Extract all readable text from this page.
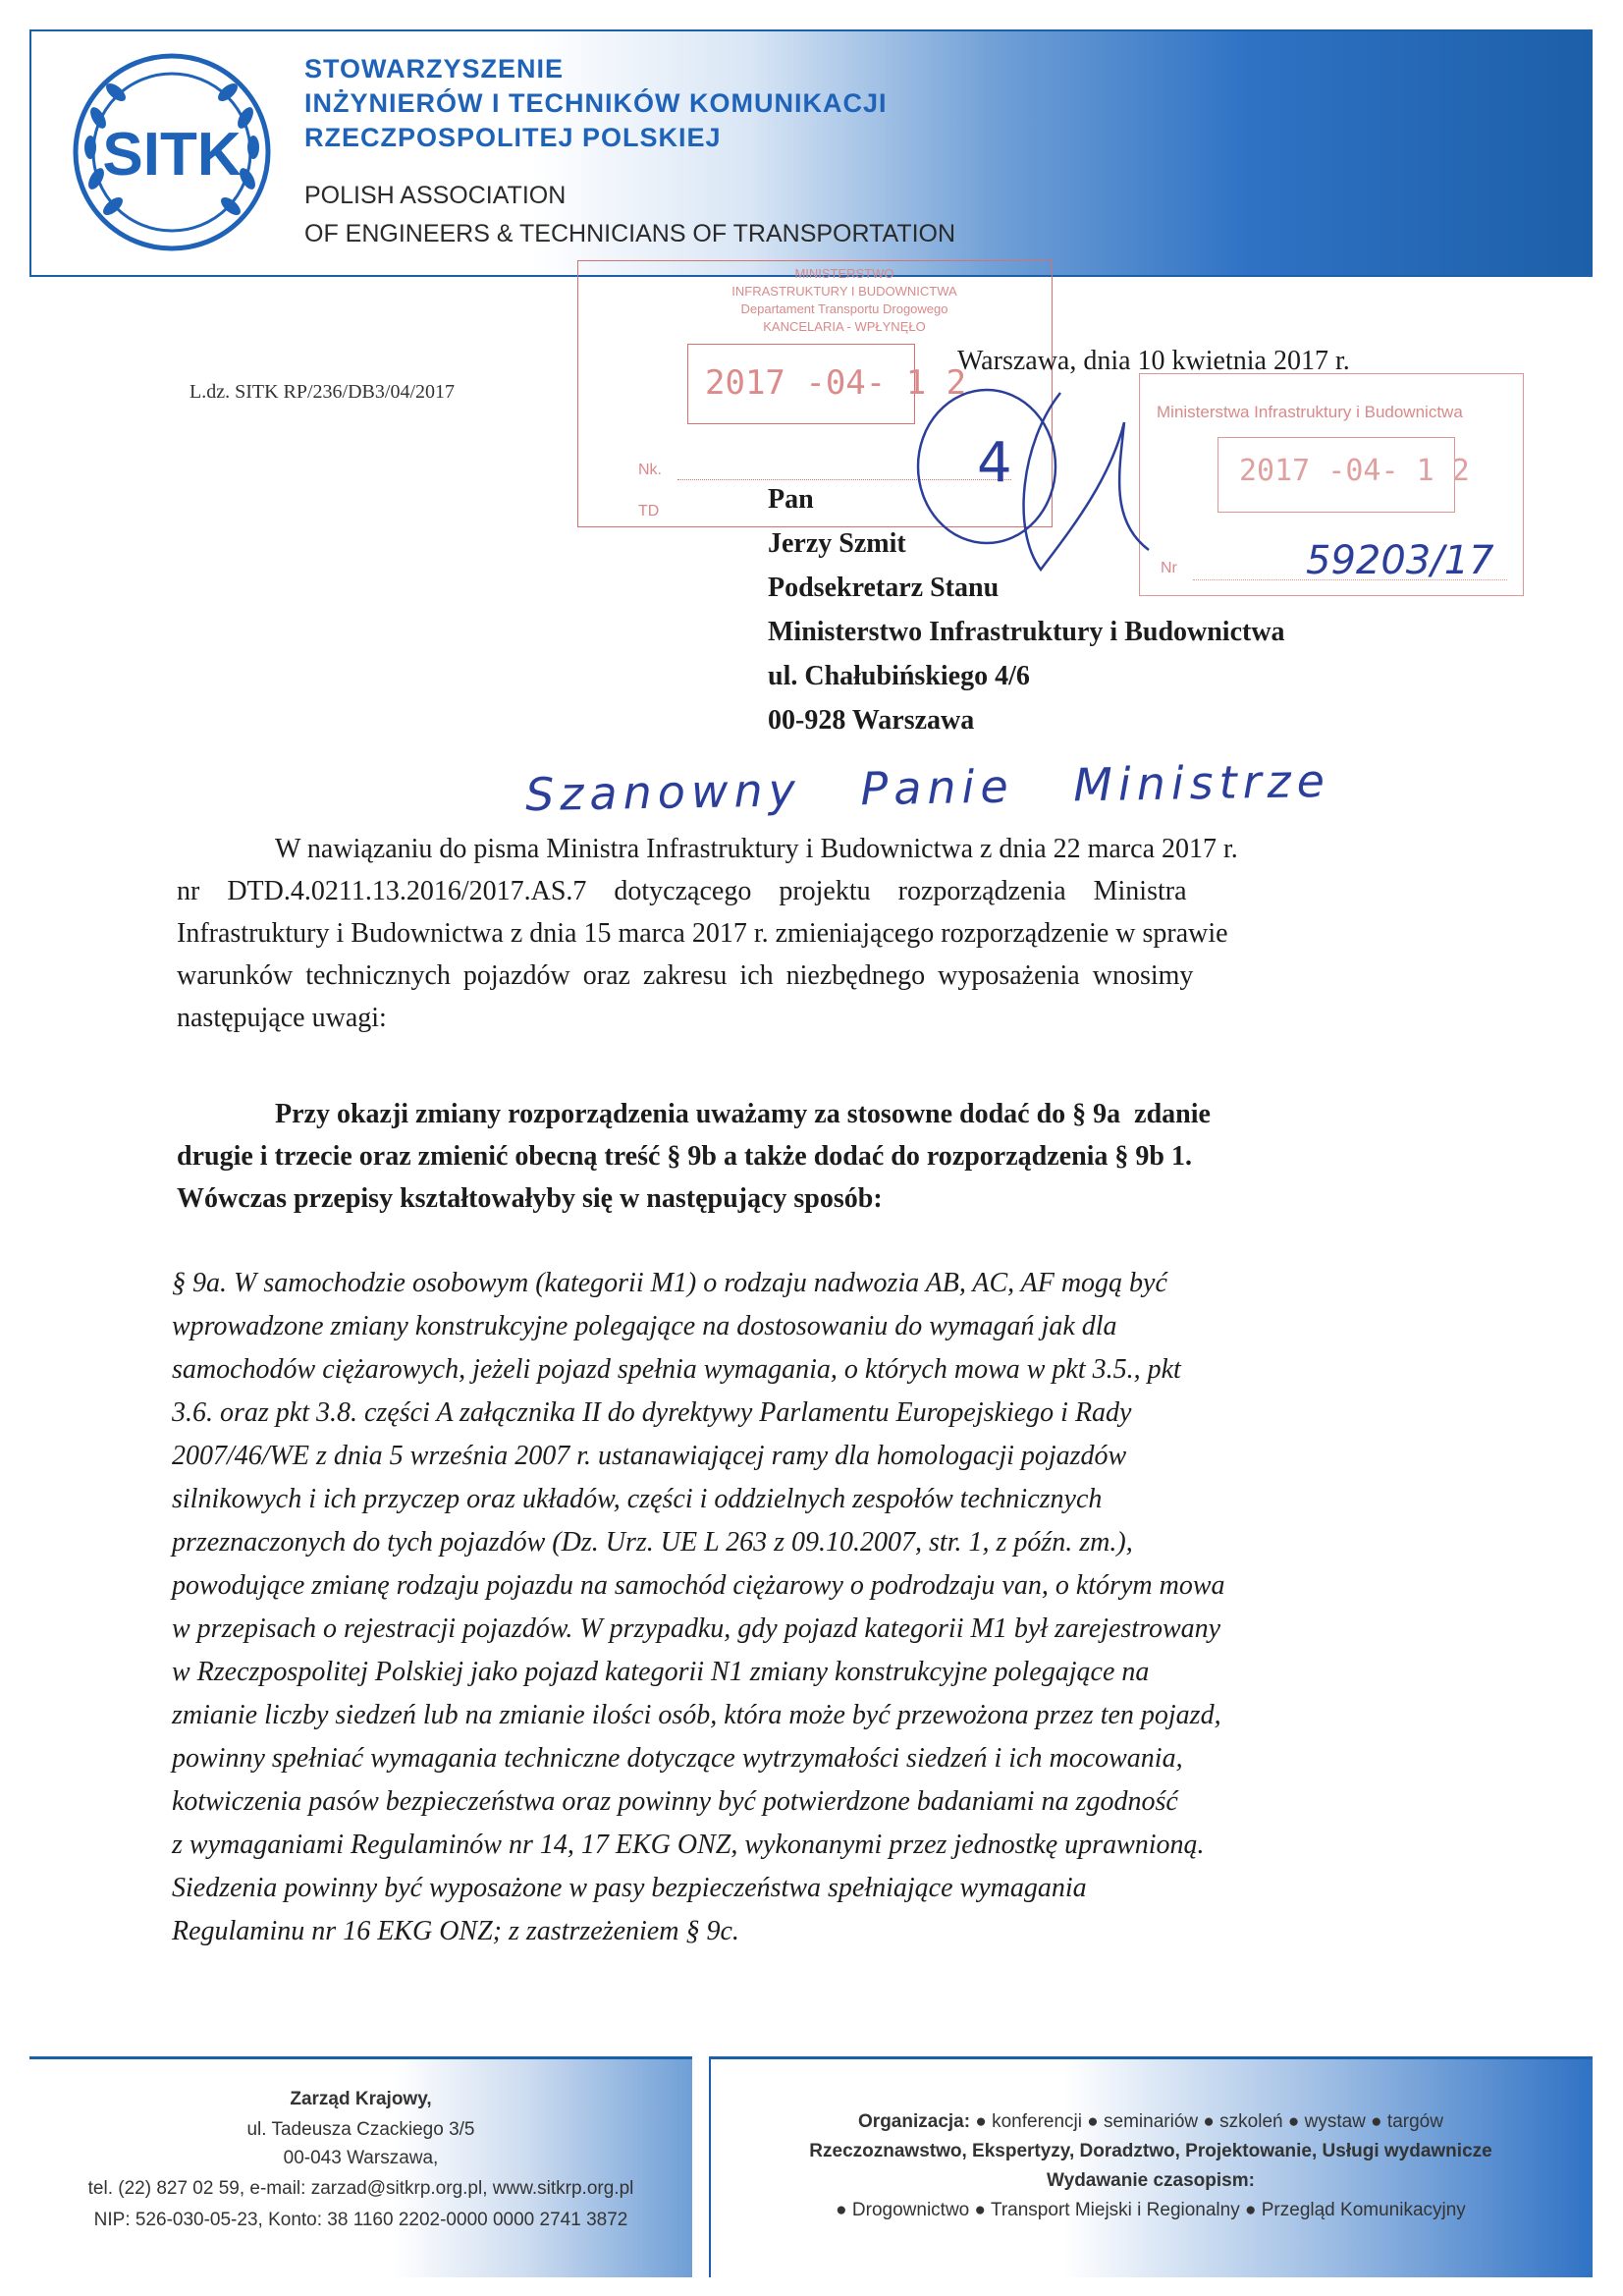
SITK
STOWARZYSZENIE
INŻYNIERÓW I TECHNIKÓW KOMUNIKACJI
RZECZPOSPOLITEJ POLSKIEJ
POLISH ASSOCIATION
OF ENGINEERS & TECHNICIANS OF TRANSPORTATION
MINISTERSTWO
INFRASTRUKTURY I BUDOWNICTWA
Departament Transportu Drogowego
KANCELARIA - WPŁYNĘŁO
2017 -04- 1 2
Nk.
TD
Ministerstwa Infrastruktury i Budownictwa
2017 -04- 1 2
Nr
4
59203/17
L.dz. SITK RP/236/DB3/04/2017
Warszawa, dnia 10 kwietnia 2017 r.
Pan
Jerzy Szmit
Podsekretarz Stanu
Ministerstwo Infrastruktury i Budownictwa
ul. Chałubińskiego 4/6
00-928 Warszawa
Szanowny Panie Ministrze
W nawiązaniu do pisma Ministra Infrastruktury i Budownictwa z dnia 22 marca 2017 r.
nr    DTD.4.0211.13.2016/2017.AS.7    dotyczącego    projektu    rozporządzenia    Ministra
Infrastruktury i Budownictwa z dnia 15 marca 2017 r. zmieniającego rozporządzenie w sprawie
warunków technicznych pojazdów oraz zakresu ich niezbędnego wyposażenia wnosimy
następujące uwagi:
Przy okazji zmiany rozporządzenia uważamy za stosowne dodać do § 9a  zdanie
drugie i trzecie oraz zmienić obecną treść § 9b a także dodać do rozporządzenia § 9b 1.
Wówczas przepisy kształtowałyby się w następujący sposób:
§ 9a. W samochodzie osobowym (kategorii M1) o rodzaju nadwozia AB, AC, AF mogą być
wprowadzone zmiany konstrukcyjne polegające na dostosowaniu do wymagań jak dla
samochodów ciężarowych, jeżeli pojazd spełnia wymagania, o których mowa w pkt 3.5., pkt
3.6. oraz pkt 3.8. części A załącznika II do dyrektywy Parlamentu Europejskiego i Rady
2007/46/WE z dnia 5 września 2007 r. ustanawiającej ramy dla homologacji pojazdów
silnikowych i ich przyczep oraz układów, części i oddzielnych zespołów technicznych
przeznaczonych do tych pojazdów (Dz. Urz. UE L 263 z 09.10.2007, str. 1, z późn. zm.),
powodujące zmianę rodzaju pojazdu na samochód ciężarowy o podrodzaju van, o którym mowa
w przepisach o rejestracji pojazdów. W przypadku, gdy pojazd kategorii M1 był zarejestrowany
w Rzeczpospolitej Polskiej jako pojazd kategorii N1 zmiany konstrukcyjne polegające na
zmianie liczby siedzeń lub na zmianie ilości osób, która może być przewożona przez ten pojazd,
powinny spełniać wymagania techniczne dotyczące wytrzymałości siedzeń i ich mocowania,
kotwiczenia pasów bezpieczeństwa oraz powinny być potwierdzone badaniami na zgodność
z wymaganiami Regulaminów nr 14, 17 EKG ONZ, wykonanymi przez jednostkę uprawnioną.
Siedzenia powinny być wyposażone w pasy bezpieczeństwa spełniające wymagania
Regulaminu nr 16 EKG ONZ; z zastrzeżeniem § 9c.
Zarząd Krajowy,
ul. Tadeusza Czackiego 3/5
00-043 Warszawa,
tel. (22) 827 02 59, e-mail: zarzad@sitkrp.org.pl, www.sitkrp.org.pl
NIP: 526-030-05-23, Konto: 38 1160 2202-0000 0000 2741 3872
Organizacja: ● konferencji ● seminariów ● szkoleń ● wystaw ● targów
Rzeczoznawstwo, Ekspertyzy, Doradztwo, Projektowanie, Usługi wydawnicze
Wydawanie czasopism:
● Drogownictwo ● Transport Miejski i Regionalny ● Przegląd Komunikacyjny
